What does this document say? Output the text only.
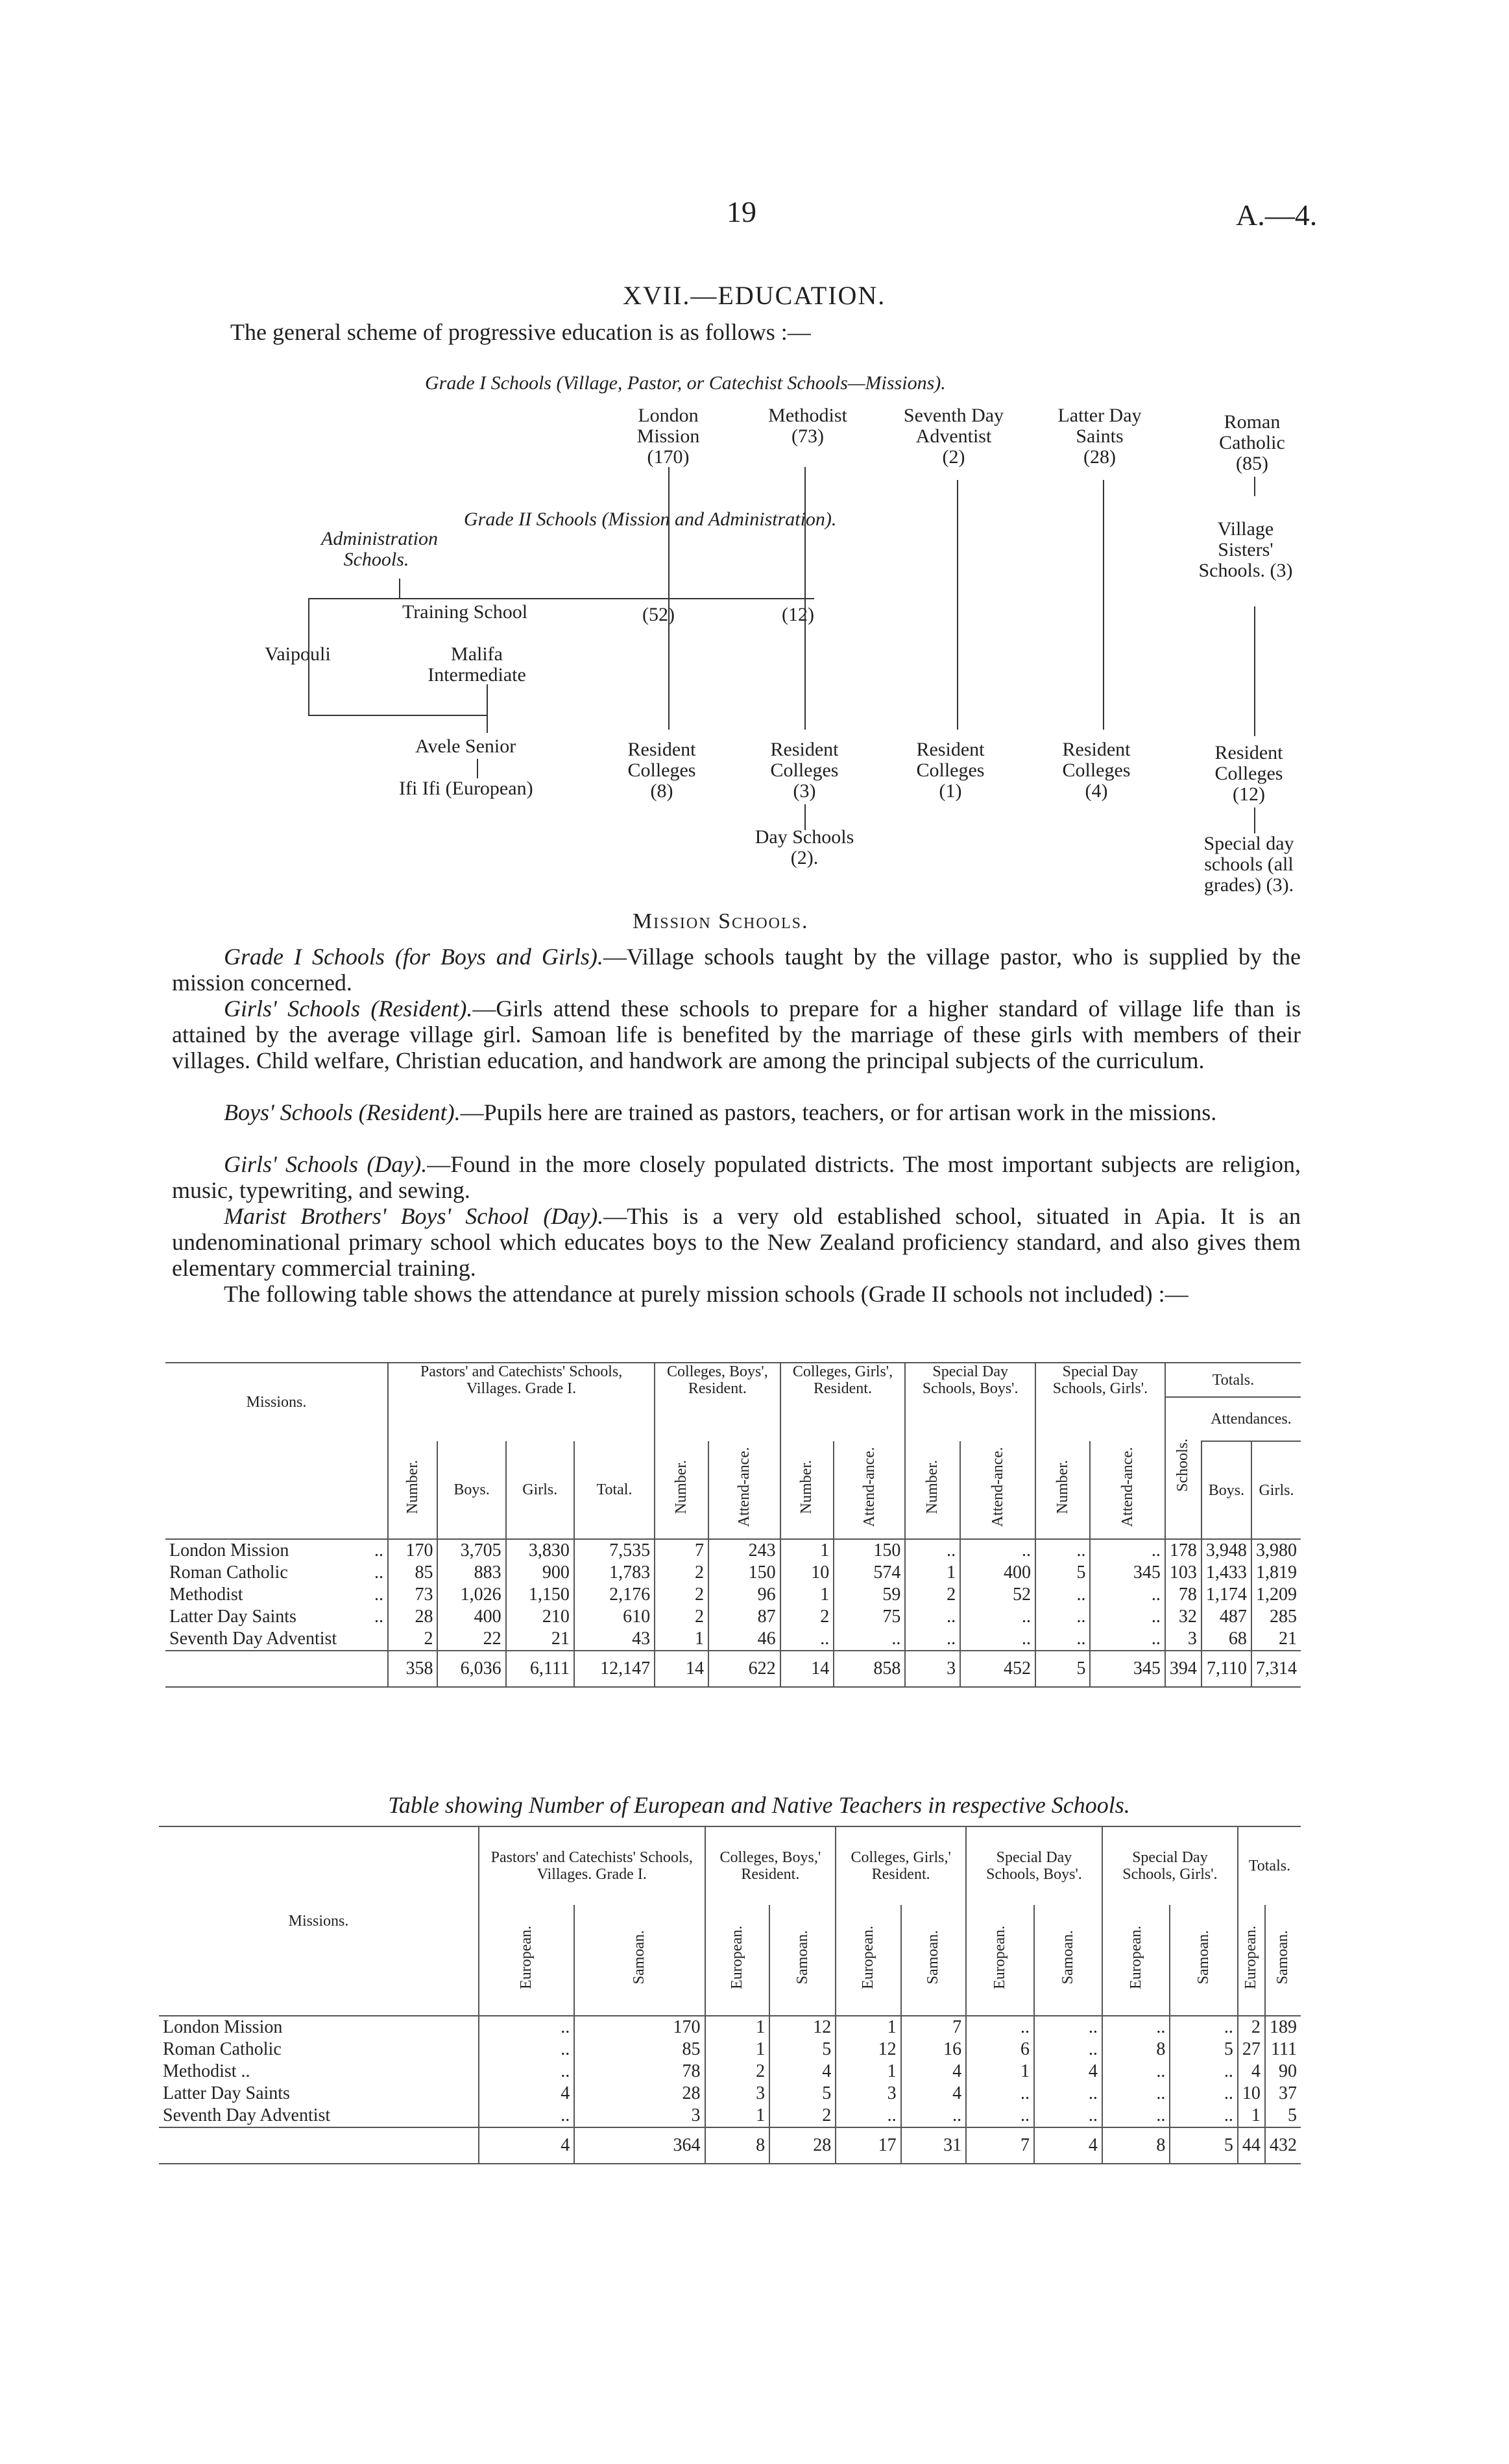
19	A.—4.
XVII.—EDUCATION.
The general scheme of progressive education is as follows :—
Grade I Schools (Village, Pastor, or Catechist Schools—Missions).
London Mission
(170)
Methodist
(73)
Seventh Day Adventist
(2)
Latter Day Saints
(28)
Roman Catholic
(85)
Grade II Schools (Mission and Administration).
Administration Schools.
Village Sisters' Schools. (3)
Training School	(52)	(12)
Vaipouli	Malifa Intermediate
Avele Senior
Ifi Ifi (European)
Resident Colleges
(8)
Resident Colleges
(3)
Resident Colleges
(1)
Resident Colleges
(4)
Resident Colleges
(12)
Day Schools (2).
Special day schools (all grades) (3).
Mission Schools.
Grade I Schools (for Boys and Girls).—Village schools taught by the village pastor, who is supplied by the mission concerned.
Girls' Schools (Resident).—Girls attend these schools to prepare for a higher standard of village life than is attained by the average village girl. Samoan life is benefited by the marriage of these girls with members of their villages. Child welfare, Christian education, and handwork are among the principal subjects of the curriculum.
Boys' Schools (Resident).—Pupils here are trained as pastors, teachers, or for artisan work in the missions.
Girls' Schools (Day).—Found in the more closely populated districts. The most important subjects are religion, music, typewriting, and sewing.
Marist Brothers' Boys' School (Day).—This is a very old established school, situated in Apia. It is an undenominational primary school which educates boys to the New Zealand proficiency standard, and also gives them elementary commercial training.
The following table shows the attendance at purely mission schools (Grade II schools not included) :—
Missions.	Pastors' and Catechists' Schools, Villages. Grade I.				Colleges, Boys', Resident.		Colleges, Girls', Resident.		Special Day Schools, Boys'.		Special Day Schools, Girls'.		Totals.		
													Schools.	Attendances.	
	Number.	Boys.	Girls.	Total.	Number.	Attend-ance.	Number.	Attend-ance.	Number.	Attend-ance.	Number.	Attend-ance.		Boys.	Girls.
London Mission ..	170	3,705	3,830	7,535	7	243	1	150	..	..	..	..	178	3,948	3,980
Roman Catholic ..	85	883	900	1,783	2	150	10	574	1	400	5	345	103	1,433	1,819
Methodist ..	73	1,026	1,150	2,176	2	96	1	59	2	52	..	..	78	1,174	1,209
Latter Day Saints ..	28	400	210	610	2	87	2	75	..	..	..	..	32	487	285
Seventh Day Adventist	2	22	21	43	1	46	..	..	..	..	..	..	3	68	21
	358	6,036	6,111	12,147	14	622	14	858	3	452	5	345	394	7,110	7,314
Table showing Number of European and Native Teachers in respective Schools.
Missions.	Pastors' and Catechists' Schools, Villages. Grade I.		Colleges, Boys,' Resident.		Colleges, Girls,' Resident.		Special Day Schools, Boys'.		Special Day Schools, Girls'.		Totals.	
	European.	Samoan.	European.	Samoan.	European.	Samoan.	European.	Samoan.	European.	Samoan.	European.	Samoan.
London Mission	..	170	1	12	1	7	..	..	..	..	2	189
Roman Catholic	..	85	1	5	12	16	6	..	8	5	27	111
Methodist ..	..	78	2	4	1	4	1	4	..	..	4	90
Latter Day Saints	4	28	3	5	3	4	..	..	..	..	10	37
Seventh Day Adventist	..	3	1	2	..	..	..	..	..	..	1	5
	4	364	8	28	17	31	7	4	8	5	44	432
